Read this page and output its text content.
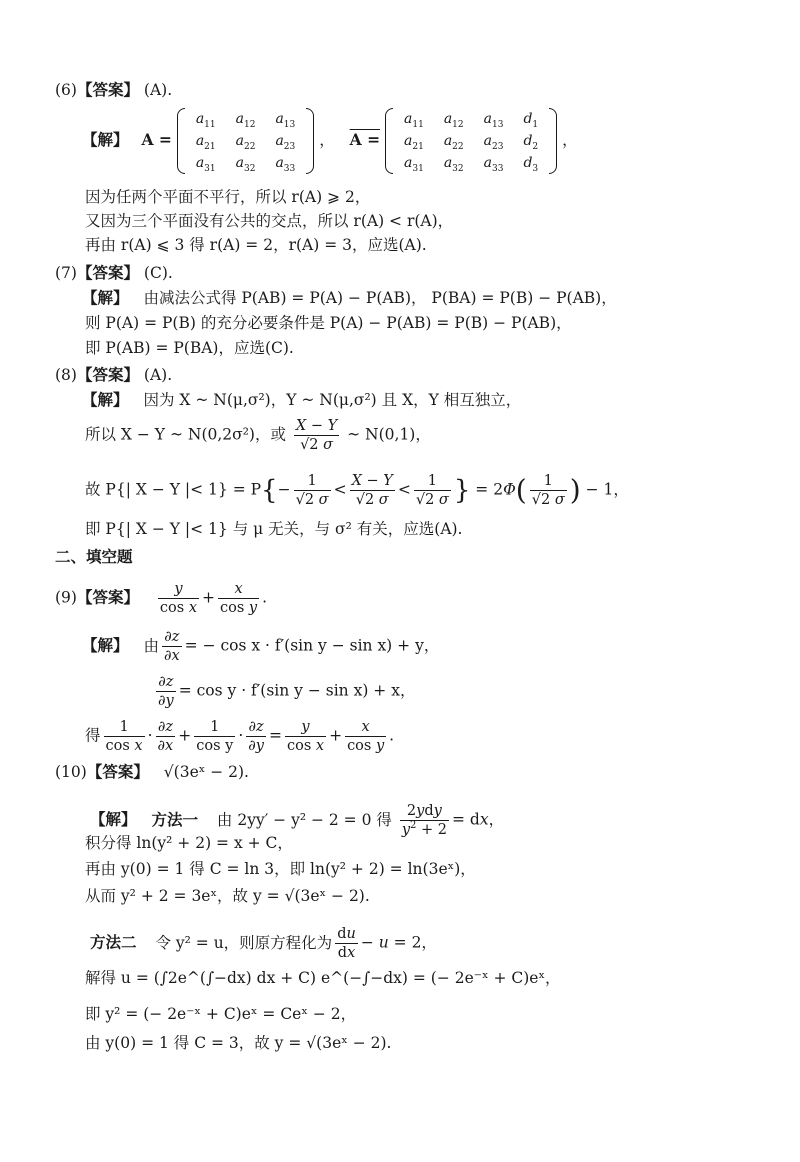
(6)【答案】 (A).
【解】 A =
$a_{11}$	$a_{12}$	$a_{13}$
$a_{21}$	$a_{22}$	$a_{23}$
$a_{31}$	$a_{32}$	$a_{33}$
， A =
$a_{11}$	$a_{12}$	$a_{13}$	$d_1$
$a_{21}$	$a_{22}$	$a_{23}$	$d_2$
$a_{31}$	$a_{32}$	$a_{33}$	$d_3$
，
因为任两个平面不平行，所以 r(A) ⩾ 2，
又因为三个平面没有公共的交点，所以 r(A) < r(A)，
再由 r(A) ⩽ 3 得 r(A) = 2，r(A) = 3，应选(A).
(7)【答案】 (C).
【解】 由减法公式得 P(AB) = P(A) − P(AB)， P(BA) = P(B) − P(AB)，
则 P(A) = P(B) 的充分必要条件是 P(A) − P(AB) = P(B) − P(AB)，
即 P(AB) = P(BA)，应选(C).
(8)【答案】 (A).
【解】 因为 X ~ N(μ,σ²)，Y ~ N(μ,σ²) 且 X，Y 相互独立，
所以 X − Y ~ N(0,2σ²)，或 $\frac{X - Y}{√2 \sigma}$ ~ N(0,1)，
故 P{| X − Y |< $1\} = P\{- \frac{1}{√2 \sigma} < \frac{X - Y}{√2 \sigma} < \frac{1}{√2 \sigma}$ } = $2\Phi( \frac{1}{√2 \sigma}$ ) − 1，
即 P{| X − Y |< 1} 与 μ 无关，与 σ² 有关，应选(A).
二、填空题
(9)【答案】 $\frac{y}{\text{cos x}} + \frac{x}{\text{cos y}}$ .
【解】 由 $\frac{\partial z}{\partial x}$ = − cos x · f′(sin y − sin x) + y，
$\frac{\partial z}{\partial y} = \cos y \cdot f'(\sin$ y − sin x) + x，
得 $\frac{1}{\text{cos x}} \cdot \frac{\partial z}{\partial x} + \frac{1}{\text{cos y}} \cdot \frac{\partial z}{\partial y} = \frac{y}{\text{cos x}} + \frac{x}{\text{cos y}}$ .
(10)【答案】 √(3eˣ − 2).
【解】 方法一 由 2yy′ − y² − 2 = 0 得 $\frac{\text{2ydy}}{y^2 + 2}$ = dx，
积分得 ln(y² + 2) = x + C，
再由 y(0) = 1 得 C = ln 3，即 ln(y² + 2) = ln(3eˣ)，
从而 y² + 2 = 3eˣ，故 y = √(3eˣ − 2).
方法二 令 y² = u，则原方程化为 $\frac{du}{dx} - u = 2$，
解得 u = (∫2e^(∫−dx) dx + C) e^(−∫−dx) = (− 2e⁻ˣ + C)eˣ，
即 y² = (− 2e⁻ˣ + C)eˣ = Ceˣ − 2，
由 y(0) = 1 得 C = 3，故 y = √(3eˣ − 2).
